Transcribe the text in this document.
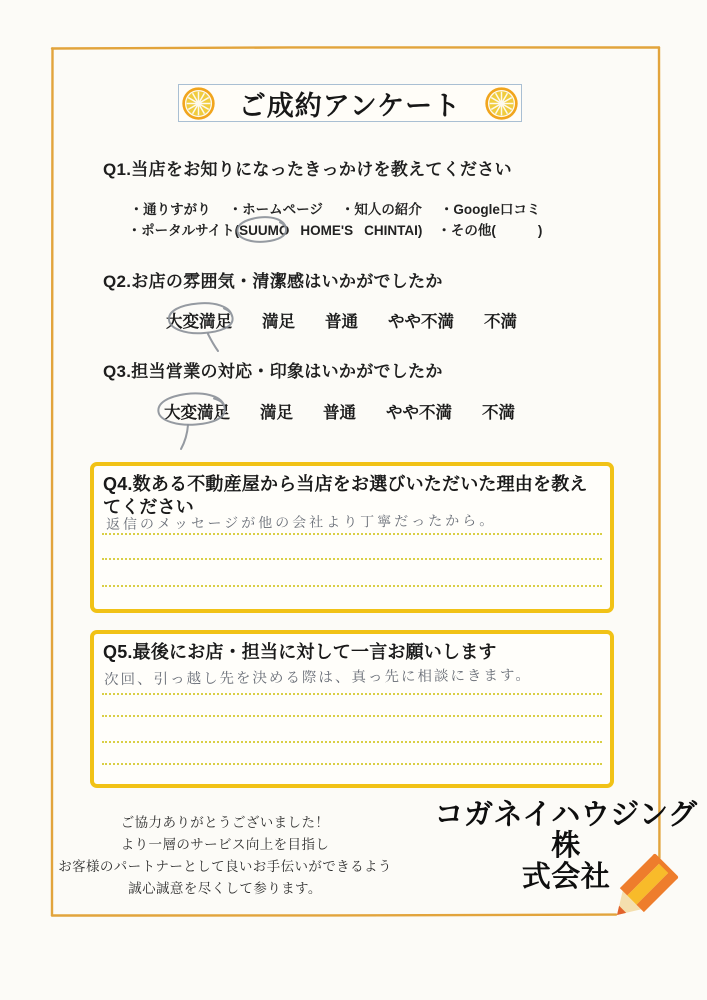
ご成約アンケート
Q1.当店をお知りになったきっかけを教えてください
・通りすがり ・ホームページ ・知人の紹介 ・Google口コミ
・ポータルサイト( SUUMO HOME'S CHINTAI ) ・その他(	)
Q2.お店の雰囲気・清潔感はいかがでしたか
大変満足 満足 普通 やや不満 不満
Q3.担当営業の対応・印象はいかがでしたか
大変満足 満足 普通 やや不満 不満
Q4.数ある不動産屋から当店をお選びいただいた理由を教えてください
返信のメッセージが他の会社より丁寧だったから。
Q5.最後にお店・担当に対して一言お願いします
次回、引っ越し先を決める際は、真っ先に相談にきます。
ご協力ありがとうございました！
より一層のサービス向上を目指し
お客様のパートナーとして良いお手伝いができるよう
誠心誠意を尽くして参ります。
コガネイハウジング株
式会社
